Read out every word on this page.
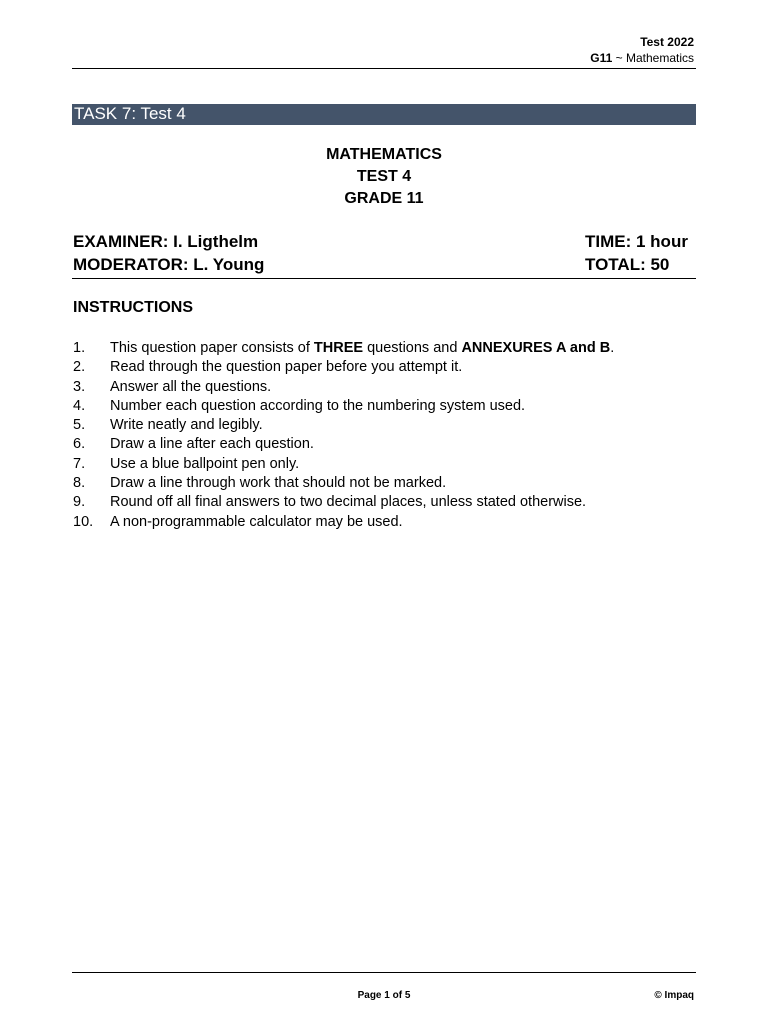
Test 2022
G11 ~ Mathematics
TASK 7: Test 4
MATHEMATICS
TEST 4
GRADE 11
EXAMINER: I. Ligthelm
MODERATOR: L. Young
TIME: 1 hour
TOTAL: 50
INSTRUCTIONS
1. This question paper consists of THREE questions and ANNEXURES A and B.
2. Read through the question paper before you attempt it.
3. Answer all the questions.
4. Number each question according to the numbering system used.
5. Write neatly and legibly.
6. Draw a line after each question.
7. Use a blue ballpoint pen only.
8. Draw a line through work that should not be marked.
9. Round off all final answers to two decimal places, unless stated otherwise.
10. A non-programmable calculator may be used.
Page 1 of 5	© Impaq
